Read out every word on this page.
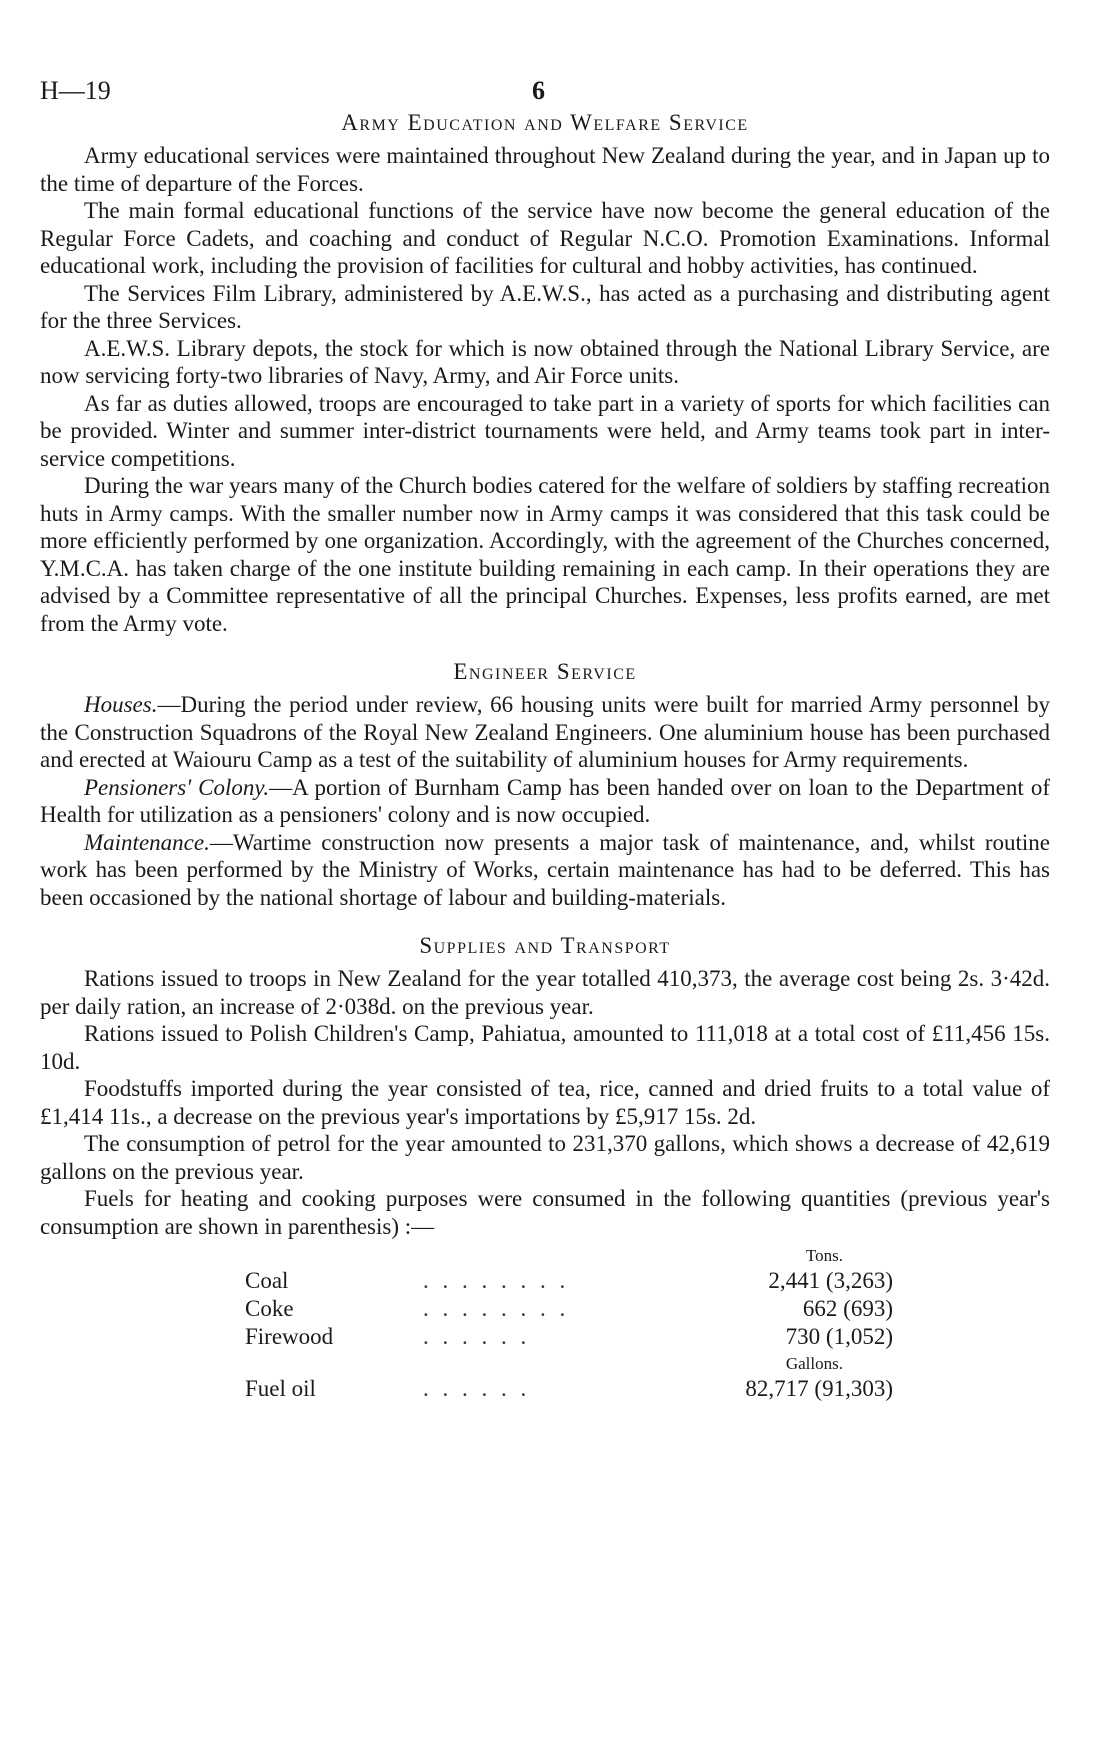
H—19	6
Army Education and Welfare Service

Army educational services were maintained throughout New Zealand during the year, and in Japan up to the time of departure of the Forces.

The main formal educational functions of the service have now become the general education of the Regular Force Cadets, and coaching and conduct of Regular N.C.O. Promotion Examinations. Informal educational work, including the provision of facilities for cultural and hobby activities, has continued.

The Services Film Library, administered by A.E.W.S., has acted as a purchasing and distributing agent for the three Services.

A.E.W.S. Library depots, the stock for which is now obtained through the National Library Service, are now servicing forty-two libraries of Navy, Army, and Air Force units.

As far as duties allowed, troops are encouraged to take part in a variety of sports for which facilities can be provided. Winter and summer inter-district tournaments were held, and Army teams took part in inter-service competitions.

During the war years many of the Church bodies catered for the welfare of soldiers by staffing recreation huts in Army camps. With the smaller number now in Army camps it was considered that this task could be more efficiently performed by one organization. Accordingly, with the agreement of the Churches concerned, Y.M.C.A. has taken charge of the one institute building remaining in each camp. In their operations they are advised by a Committee representative of all the principal Churches. Expenses, less profits earned, are met from the Army vote.

Engineer Service

Houses.—During the period under review, 66 housing units were built for married Army personnel by the Construction Squadrons of the Royal New Zealand Engineers. One aluminium house has been purchased and erected at Waiouru Camp as a test of the suitability of aluminium houses for Army requirements.

Pensioners' Colony.—A portion of Burnham Camp has been handed over on loan to the Department of Health for utilization as a pensioners' colony and is now occupied.

Maintenance.—Wartime construction now presents a major task of maintenance, and, whilst routine work has been performed by the Ministry of Works, certain maintenance has had to be deferred. This has been occasioned by the national shortage of labour and building-materials.

Supplies and Transport

Rations issued to troops in New Zealand for the year totalled 410,373, the average cost being 2s. 3·42d. per daily ration, an increase of 2·038d. on the previous year.

Rations issued to Polish Children's Camp, Pahiatua, amounted to 111,018 at a total cost of £11,456 15s. 10d.

Foodstuffs imported during the year consisted of tea, rice, canned and dried fruits to a total value of £1,414 11s., a decrease on the previous year's importations by £5,917 15s. 2d.

The consumption of petrol for the year amounted to 231,370 gallons, which shows a decrease of 42,619 gallons on the previous year.

Fuels for heating and cooking purposes were consumed in the following quantities (previous year's consumption are shown in parenthesis) :—

Tons.
Coal	. . . . . . . .	2,441 (3,263)
Coke	. . . . . . . .	662 (693)
Firewood	. . . . . .	730 (1,052)
Gallons.
Fuel oil	. . . . . .	82,717 (91,303)
